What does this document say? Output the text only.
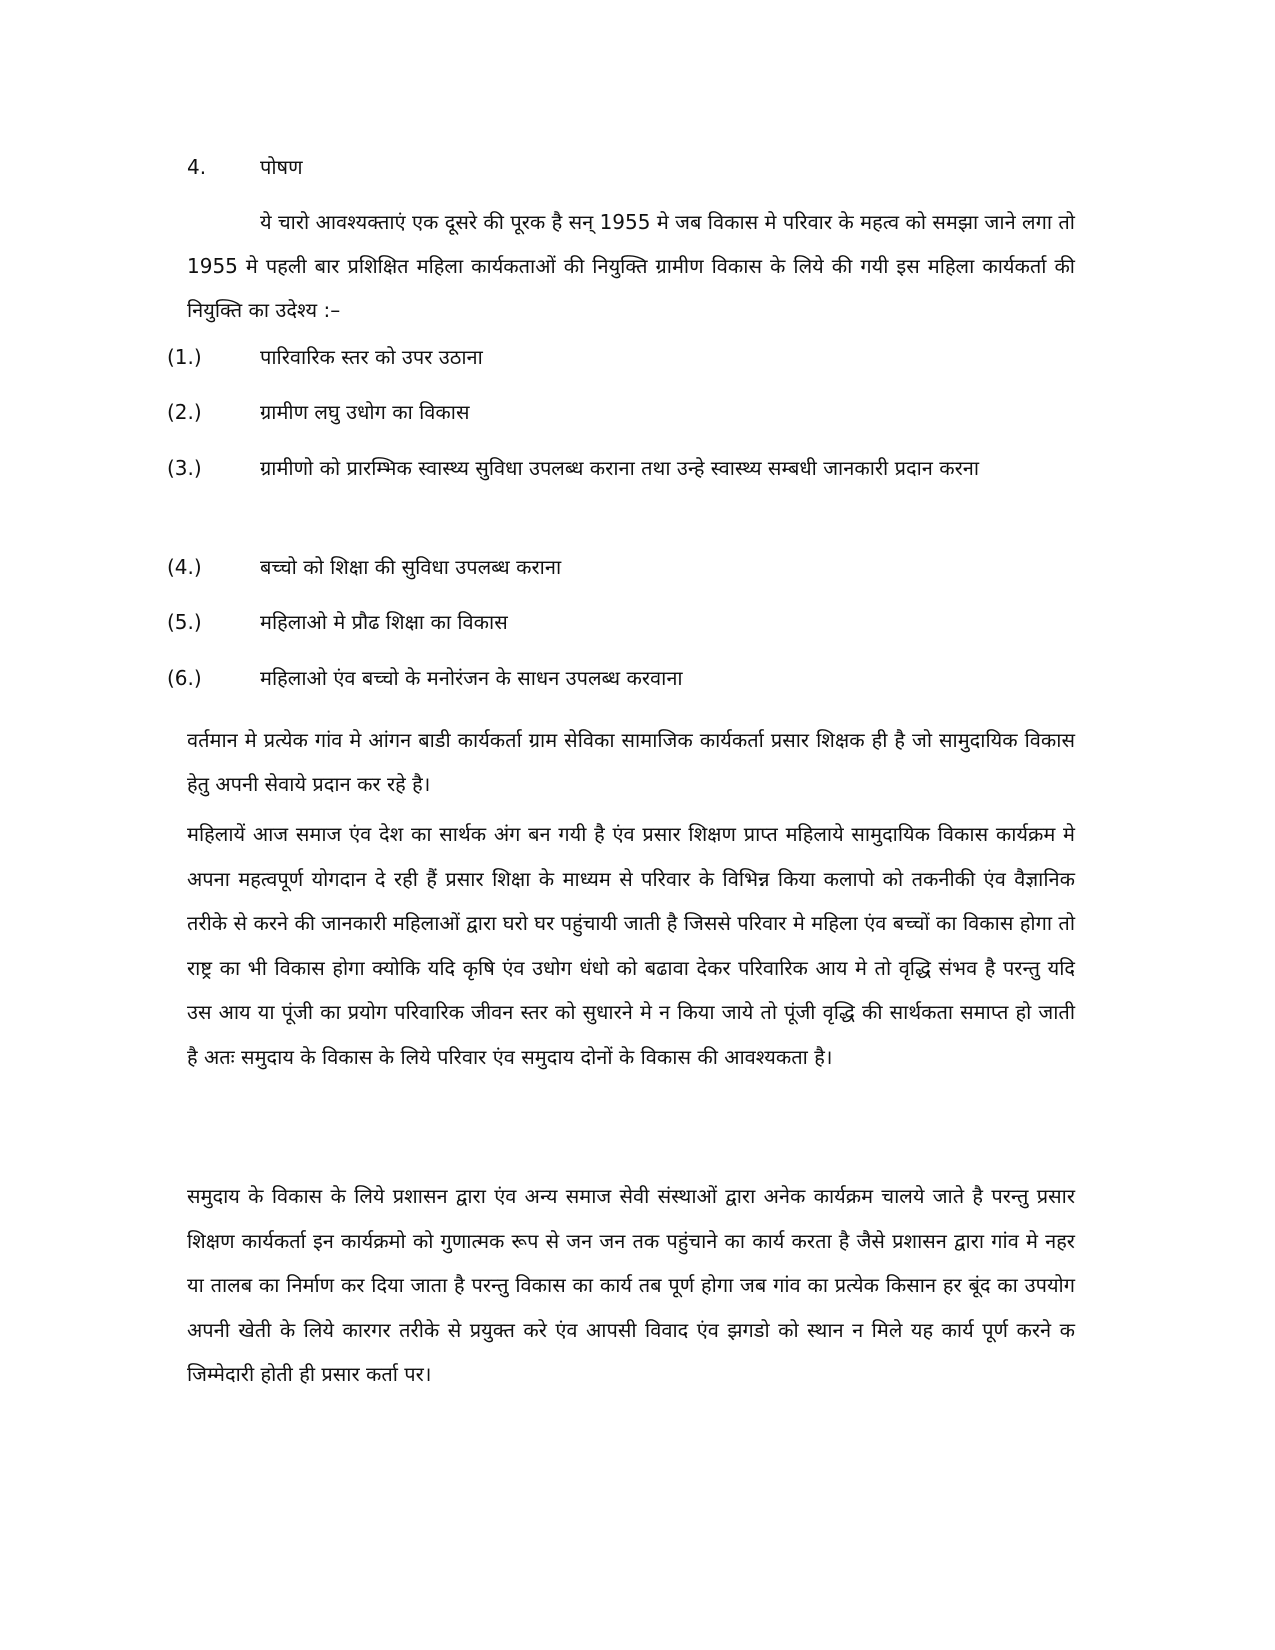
4.	पोषण

ये चारो आवश्यक्ताएं एक दूसरे की पूरक है सन् 1955 मे जब विकास मे परिवार के महत्व को समझा जाने लगा तो 1955 मे पहली बार प्रशिक्षित महिला कार्यकताओं की नियुक्ति ग्रामीण विकास के लिये की गयी इस महिला कार्यकर्ता की नियुक्ति का उदेश्य :–

(1.)	पारिवारिक स्तर को उपर उठाना
(2.)	ग्रामीण लघु उधोग का विकास
(3.)	ग्रामीणो को प्रारम्भिक स्वास्थ्य सुविधा उपलब्ध कराना तथा उन्हे स्वास्थ्य सम्बधी जानकारी प्रदान करना
(4.)	बच्चो को शिक्षा की सुविधा उपलब्ध कराना
(5.)	महिलाओ मे प्रौढ शिक्षा का विकास
(6.)	महिलाओ एंव बच्चो के मनोरंजन के साधन उपलब्ध करवाना

वर्तमान मे प्रत्येक गांव मे आंगन बाडी कार्यकर्ता ग्राम सेविका सामाजिक कार्यकर्ता प्रसार शिक्षक ही है जो सामुदायिक विकास हेतु अपनी सेवाये प्रदान कर रहे है।

महिलायें आज समाज एंव देश का सार्थक अंग बन गयी है एंव प्रसार शिक्षण प्राप्त महिलाये सामुदायिक विकास कार्यक्रम मे अपना महत्वपूर्ण योगदान दे रही हैं प्रसार शिक्षा के माध्यम से परिवार के विभिन्न किया कलापो को तकनीकी एंव वैज्ञानिक तरीके से करने की जानकारी महिलाओं द्वारा घरो घर पहुंचायी जाती है जिससे परिवार मे महिला एंव बच्चों का विकास होगा तो राष्ट्र का भी विकास होगा क्योकि यदि कृषि एंव उधोग धंधो को बढावा देकर परिवारिक आय मे तो वृद्धि संभव है परन्तु यदि उस आय या पूंजी का प्रयोग परिवारिक जीवन स्तर को सुधारने मे न किया जाये तो पूंजी वृद्धि की सार्थकता समाप्त हो जाती है अतः समुदाय के विकास के लिये परिवार एंव समुदाय दोनों के विकास की आवश्यकता है।

समुदाय के विकास के लिये प्रशासन द्वारा एंव अन्य समाज सेवी संस्थाओं द्वारा अनेक कार्यक्रम चालये जाते है परन्तु प्रसार शिक्षण कार्यकर्ता इन कार्यक्रमो को गुणात्मक रूप से जन जन तक पहुंचाने का कार्य करता है जैसे प्रशासन द्वारा गांव मे नहर या तालब का निर्माण कर दिया जाता है परन्तु विकास का कार्य तब पूर्ण होगा जब गांव का प्रत्येक किसान हर बूंद का उपयोग अपनी खेती के लिये कारगर तरीके से प्रयुक्त करे एंव आपसी विवाद एंव झगडो को स्थान न मिले यह कार्य पूर्ण करने क जिम्मेदारी होती ही प्रसार कर्ता पर।
